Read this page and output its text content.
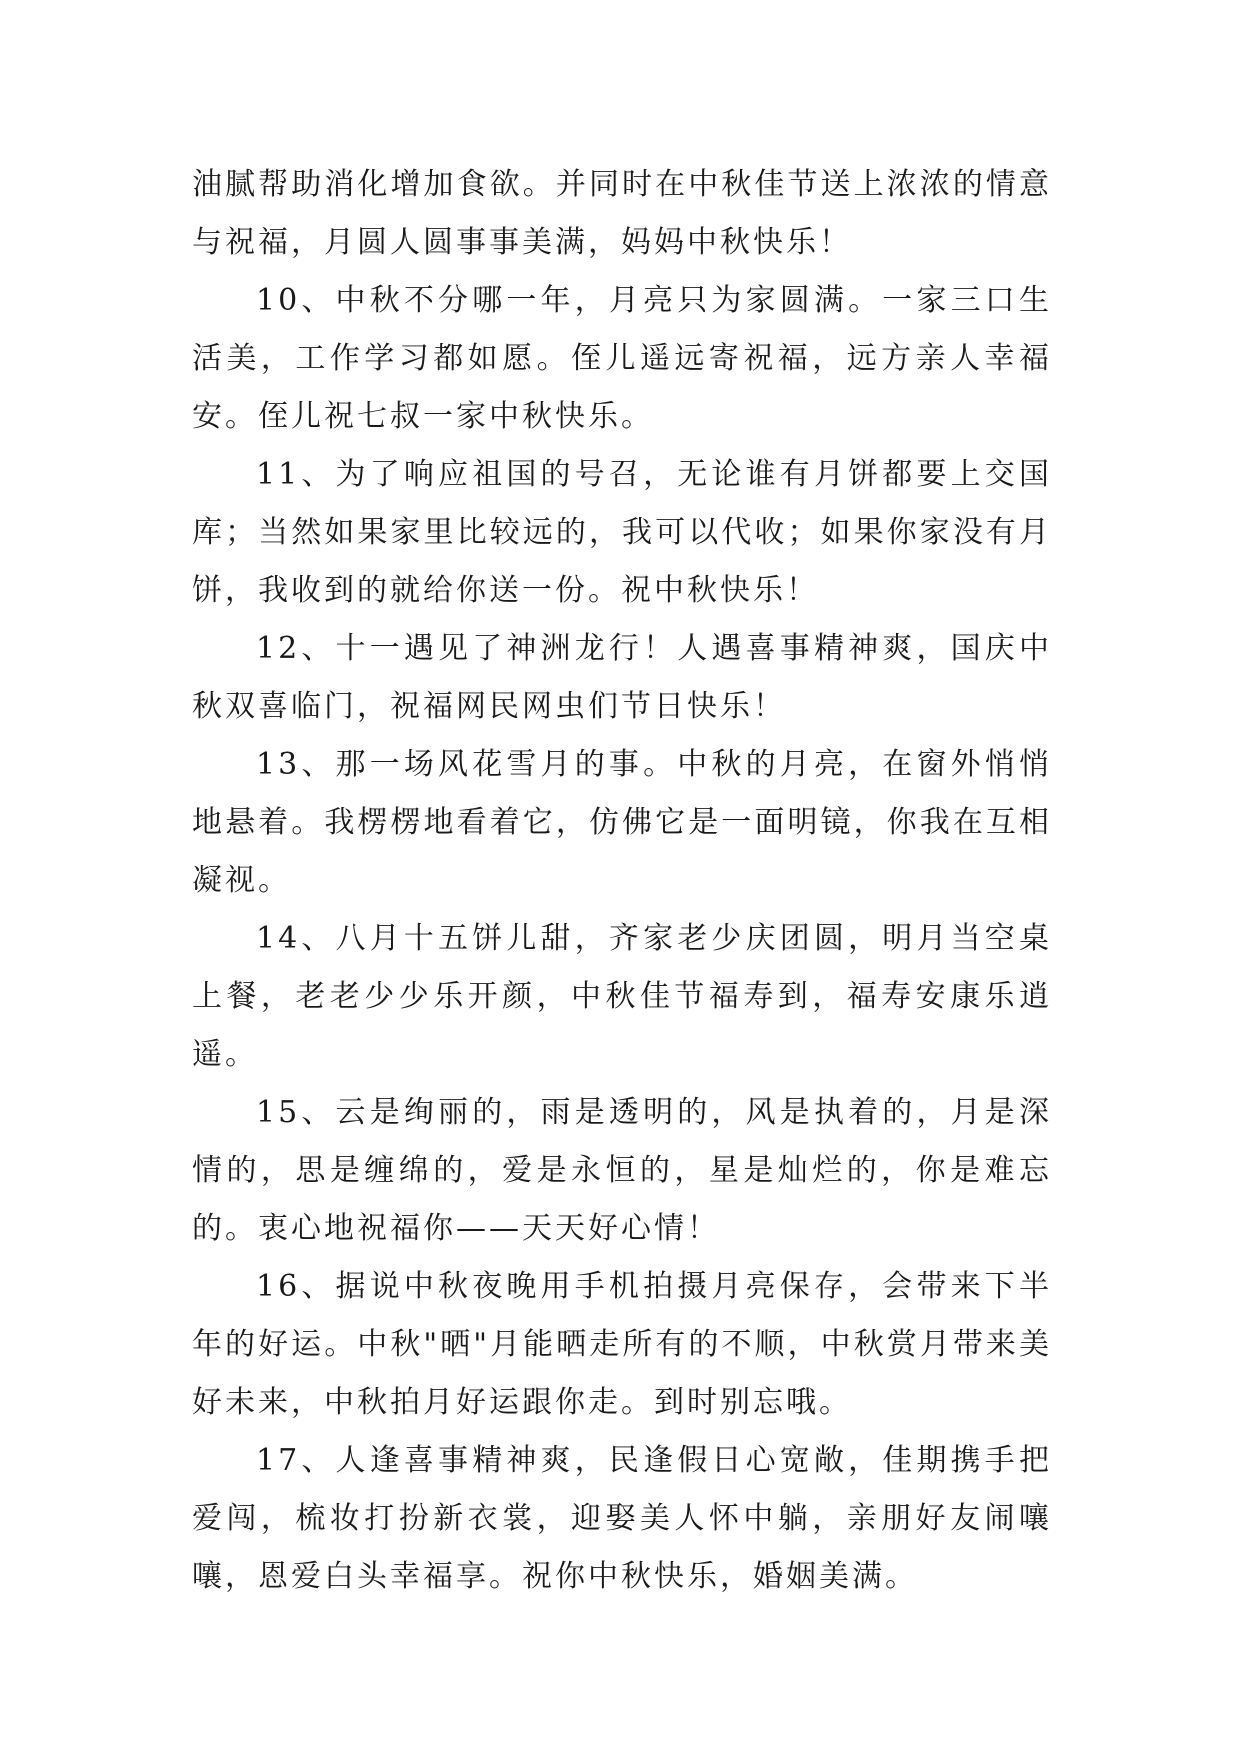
油腻帮助消化增加食欲。并同时在中秋佳节送上浓浓的情意与祝福，月圆人圆事事美满，妈妈中秋快乐！

10、中秋不分哪一年，月亮只为家圆满。一家三口生活美，工作学习都如愿。侄儿遥远寄祝福，远方亲人幸福安。侄儿祝七叔一家中秋快乐。

11、为了响应祖国的号召，无论谁有月饼都要上交国库；当然如果家里比较远的，我可以代收；如果你家没有月饼，我收到的就给你送一份。祝中秋快乐！

12、十一遇见了神洲龙行！人遇喜事精神爽，国庆中秋双喜临门，祝福网民网虫们节日快乐！

13、那一场风花雪月的事。中秋的月亮，在窗外悄悄地悬着。我楞楞地看着它，仿佛它是一面明镜，你我在互相凝视。

14、八月十五饼儿甜，齐家老少庆团圆，明月当空桌上餐，老老少少乐开颜，中秋佳节福寿到，福寿安康乐逍遥。

15、云是绚丽的，雨是透明的，风是执着的，月是深情的，思是缠绵的，爱是永恒的，星是灿烂的，你是难忘的。衷心地祝福你——天天好心情！

16、据说中秋夜晚用手机拍摄月亮保存，会带来下半年的好运。中秋"晒"月能晒走所有的不顺，中秋赏月带来美好未来，中秋拍月好运跟你走。到时别忘哦。

17、人逢喜事精神爽，民逢假日心宽敞，佳期携手把爱闯，梳妆打扮新衣裳，迎娶美人怀中躺，亲朋好友闹嚷嚷，恩爱白头幸福享。祝你中秋快乐，婚姻美满。
